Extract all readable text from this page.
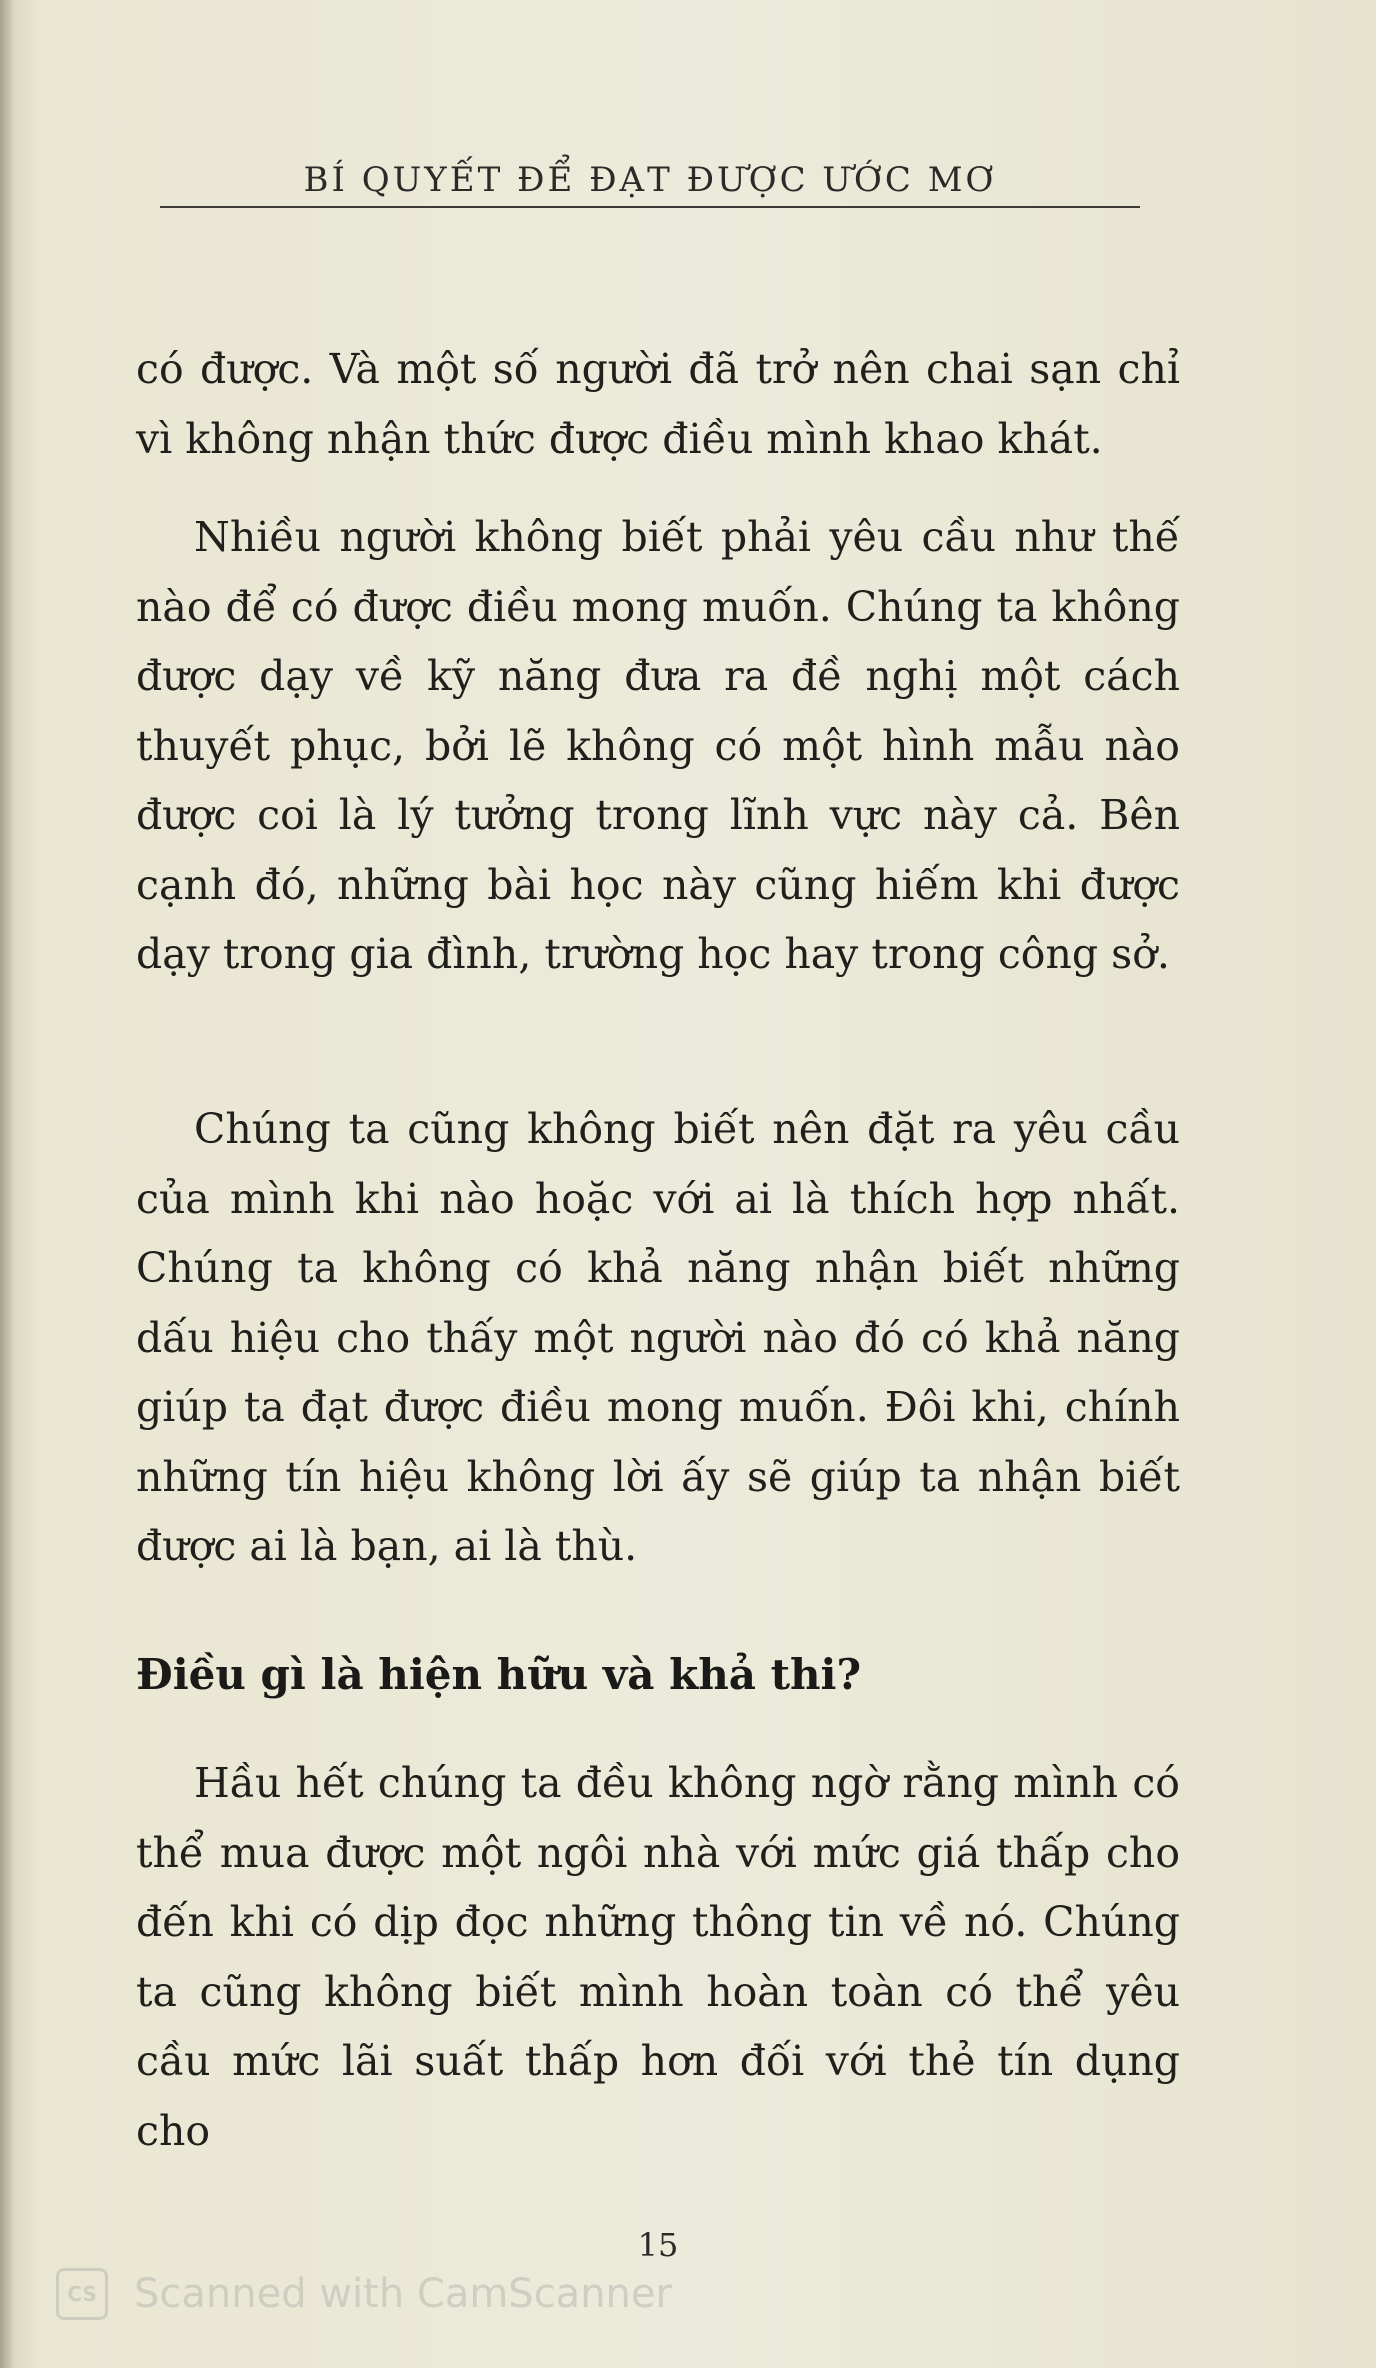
BÍ QUYẾT ĐỂ ĐẠT ĐƯỢC ƯỚC MƠ

có được. Và một số người đã trở nên chai sạn chỉ vì không nhận thức được điều mình khao khát.

Nhiều người không biết phải yêu cầu như thế nào để có được điều mong muốn. Chúng ta không được dạy về kỹ năng đưa ra đề nghị một cách thuyết phục, bởi lẽ không có một hình mẫu nào được coi là lý tưởng trong lĩnh vực này cả. Bên cạnh đó, những bài học này cũng hiếm khi được dạy trong gia đình, trường học hay trong công sở.

Chúng ta cũng không biết nên đặt ra yêu cầu của mình khi nào hoặc với ai là thích hợp nhất. Chúng ta không có khả năng nhận biết những dấu hiệu cho thấy một người nào đó có khả năng giúp ta đạt được điều mong muốn. Đôi khi, chính những tín hiệu không lời ấy sẽ giúp ta nhận biết được ai là bạn, ai là thù.

Điều gì là hiện hữu và khả thi?

Hầu hết chúng ta đều không ngờ rằng mình có thể mua được một ngôi nhà với mức giá thấp cho đến khi có dịp đọc những thông tin về nó. Chúng ta cũng không biết mình hoàn toàn có thể yêu cầu mức lãi suất thấp hơn đối với thẻ tín dụng cho

15
CS Scanned with CamScanner
